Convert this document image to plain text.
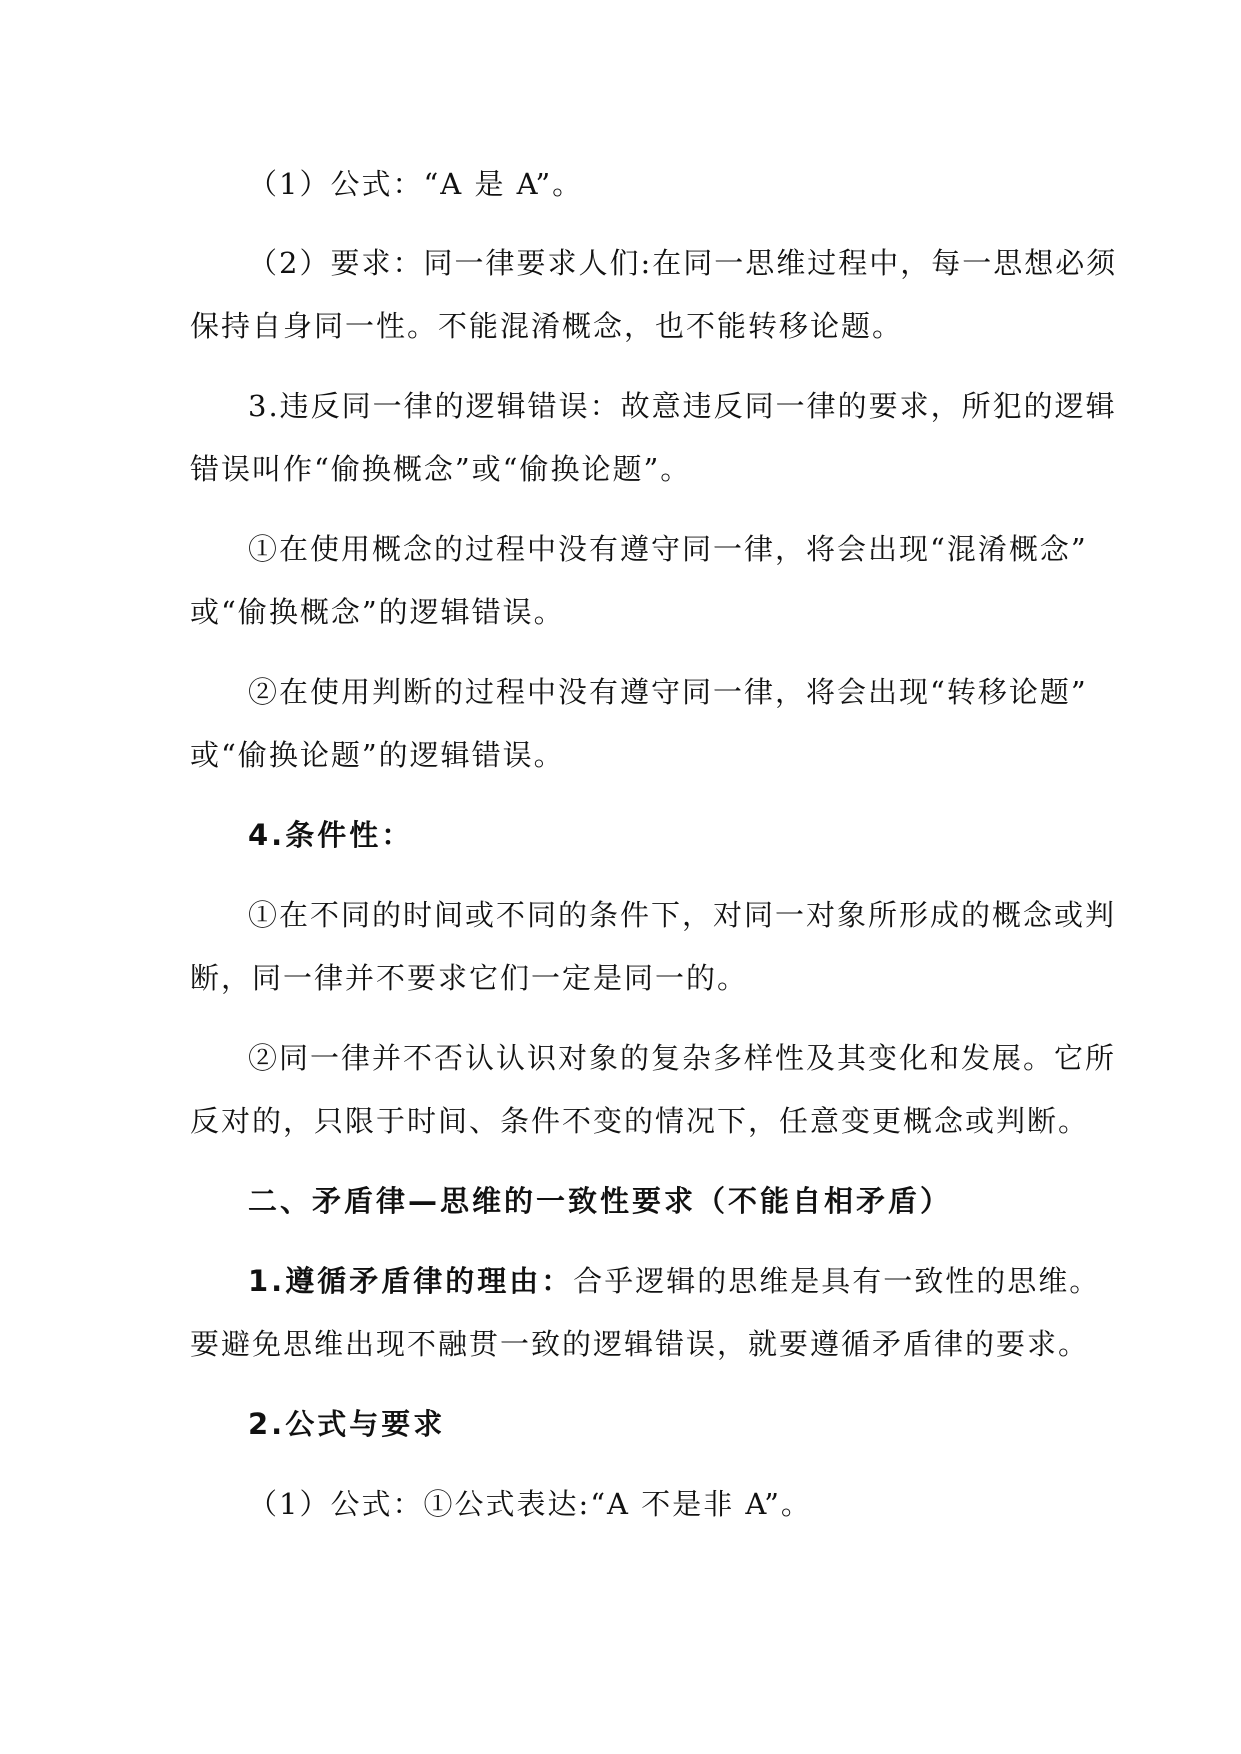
（1）公式：“A 是 A”。
（2）要求：同一律要求人们:在同一思维过程中，每一思想必须
保持自身同一性。不能混淆概念，也不能转移论题。
3.违反同一律的逻辑错误：故意违反同一律的要求，所犯的逻辑
错误叫作“偷换概念”或“偷换论题”。
①在使用概念的过程中没有遵守同一律，将会出现“混淆概念”
或“偷换概念”的逻辑错误。
②在使用判断的过程中没有遵守同一律，将会出现“转移论题”
或“偷换论题”的逻辑错误。
4.条件性：
①在不同的时间或不同的条件下，对同一对象所形成的概念或判
断，同一律并不要求它们一定是同一的。
②同一律并不否认认识对象的复杂多样性及其变化和发展。它所
反对的，只限于时间、条件不变的情况下，任意变更概念或判断。
二、矛盾律—思维的一致性要求（不能自相矛盾）
1.遵循矛盾律的理由：合乎逻辑的思维是具有一致性的思维。
要避免思维出现不融贯一致的逻辑错误，就要遵循矛盾律的要求。
2.公式与要求
（1）公式：①公式表达:“A 不是非 A”。
